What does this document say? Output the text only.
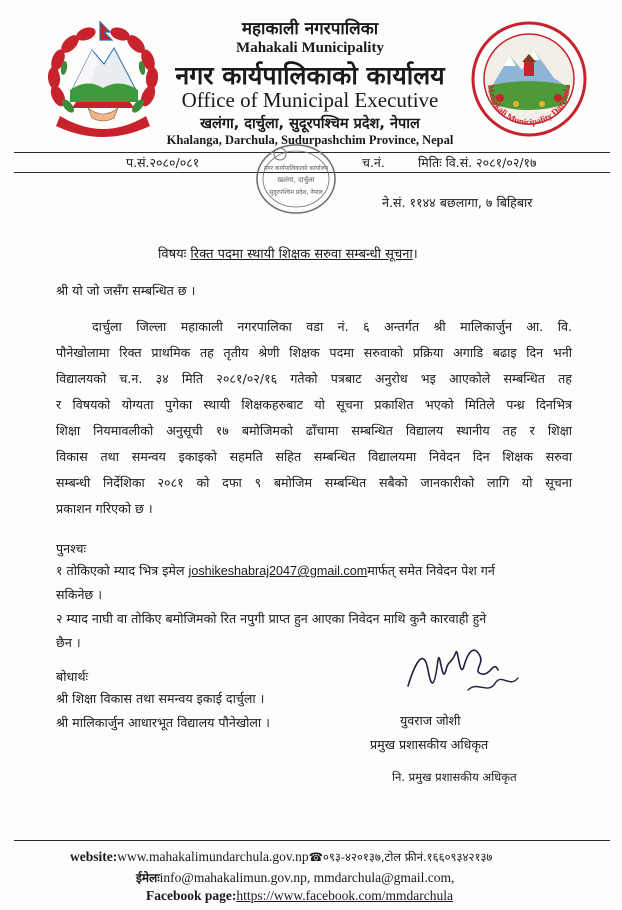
महाकाली नगरपालिका
Mahakali Municipality
नगर कार्यपालिकाको कार्यालय
Office of Municipal Executive
खलंगा, दार्चुला, सुदूरपश्चिम प्रदेश, नेपाल
Khalanga, Darchula, Sudurpashchim Province, Nepal
Mahakali Municipality Darchula
प.सं.२०८०/०८१	च.नं.	मितिः वि.सं. २०८१/०२/१७
नगर कार्यपालिकाको कार्यालय
खलंगा, दार्चुला
सुदूरपश्चिम प्रदेश, नेपाल
ने.सं. ११४४ बछलागा, ७ बिहिबार
विषयः रिक्त पदमा स्थायी शिक्षक सरुवा सम्बन्धी सूचना।
श्री यो जो जसँग सम्बन्धित छ ।
दार्चुला जिल्ला महाकाली नगरपालिका वडा नं. ६ अन्तर्गत श्री मालिकार्जुन आ. वि.
पौनेखोलामा रिक्त प्राथमिक तह तृतीय श्रेणी शिक्षक पदमा सरुवाको प्रक्रिया अगाडि बढाइ दिन भनी
विद्यालयको च.न. ३४ मिति २०८१/०२/१६ गतेको पत्रबाट अनुरोध भइ आएकोले सम्बन्धित तह
र विषयको योग्यता पुगेका स्थायी शिक्षकहरुबाट यो सूचना प्रकाशित भएको मितिले पन्ध्र दिनभित्र
शिक्षा नियमावलीको अनुसूची १७ बमोजिमको ढाँचामा सम्बन्धित विद्यालय स्थानीय तह र शिक्षा
विकास तथा समन्वय इकाइको सहमति सहित सम्बन्धित विद्यालयमा निवेदन दिन शिक्षक सरुवा
सम्बन्धी निर्देशिका २०८१ को दफा ९ बमोजिम सम्बन्धित सबैको जानकारीको लागि यो सूचना
प्रकाशन गरिएको छ ।
पुनश्चः
१ तोकिएको म्याद भित्र इमेल joshikeshabraj2047@gmail.comमार्फत् समेत निवेदन पेश गर्न
सकिनेछ ।
२ म्याद नाघी वा तोकिए बमोजिमको रित नपुगी प्राप्त हुन आएका निवेदन माथि कुनै कारवाही हुने
छैन ।
बोधार्थः
श्री शिक्षा विकास तथा समन्वय इकाई दार्चुला ।
श्री मालिकार्जुन आधारभूत विद्यालय पौनेखोला ।	युवराज जोशी
प्रमुख प्रशासकीय अधिकृत
नि. प्रमुख प्रशासकीय अधिकृत
website:www.mahakalimundarchula.gov.np☎०९३-४२०१३७,टोल फ्रीनं.१६६०९३४२१३७
ईमेलःinfo@mahakalimun.gov.np, mmdarchula@gmail.com,
Facebook page:https://www.facebook.com/mmdarchula
